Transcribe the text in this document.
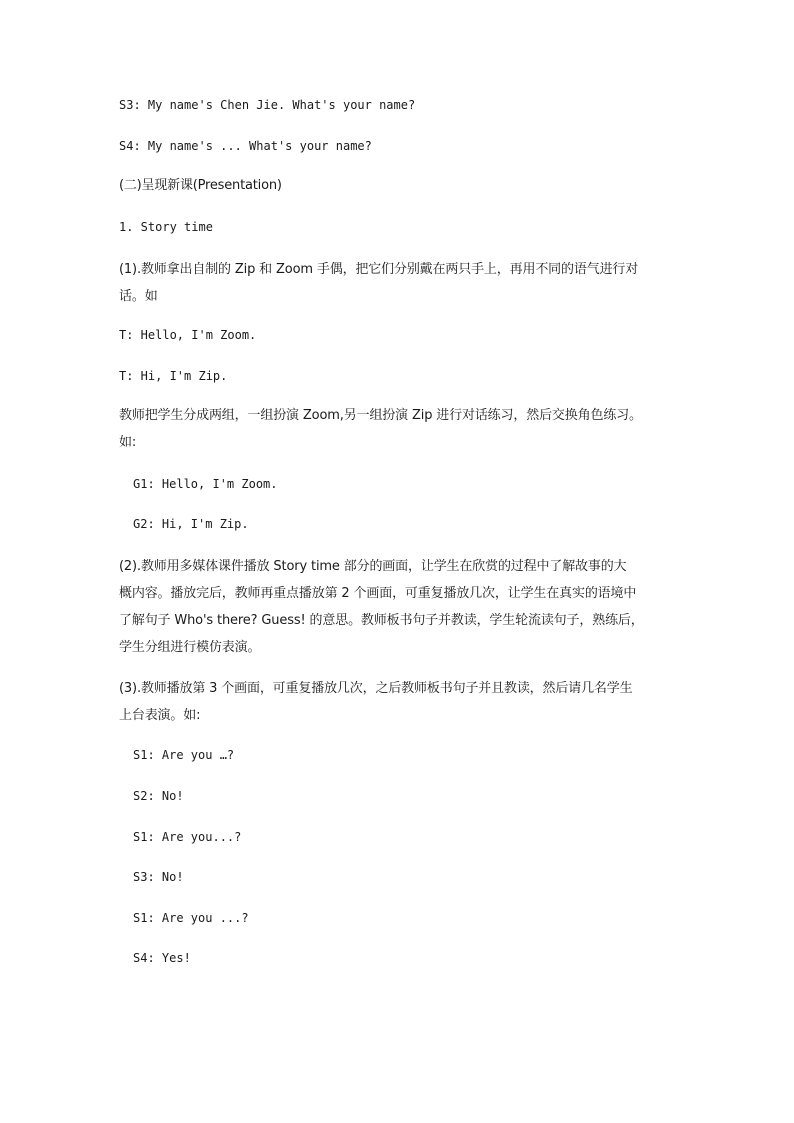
S3: My name's Chen Jie. What's your name?
S4: My name's ... What's your name?
(二)呈现新课(Presentation)
1. Story time
(1).教师拿出自制的 Zip 和 Zoom 手偶，把它们分别戴在两只手上，再用不同的语气进行对
话。如
T: Hello, I'm Zoom.
T: Hi, I'm Zip.
教师把学生分成两组，一组扮演 Zoom,另一组扮演 Zip 进行对话练习，然后交换角色练习。
如:
G1: Hello, I'm Zoom.
G2: Hi, I'm Zip.
(2).教师用多媒体课件播放 Story time 部分的画面，让学生在欣赏的过程中了解故事的大
概内容。播放完后，教师再重点播放第 2 个画面，可重复播放几次，让学生在真实的语境中
了解句子 Who's there? Guess! 的意思。教师板书句子并教读，学生轮流读句子，熟练后，
学生分组进行模仿表演。
(3).教师播放第 3 个画面，可重复播放几次，之后教师板书句子并且教读，然后请几名学生
上台表演。如:
S1: Are you …?
S2: No!
S1: Are you...?
S3: No!
S1: Are you ...?
S4: Yes!
